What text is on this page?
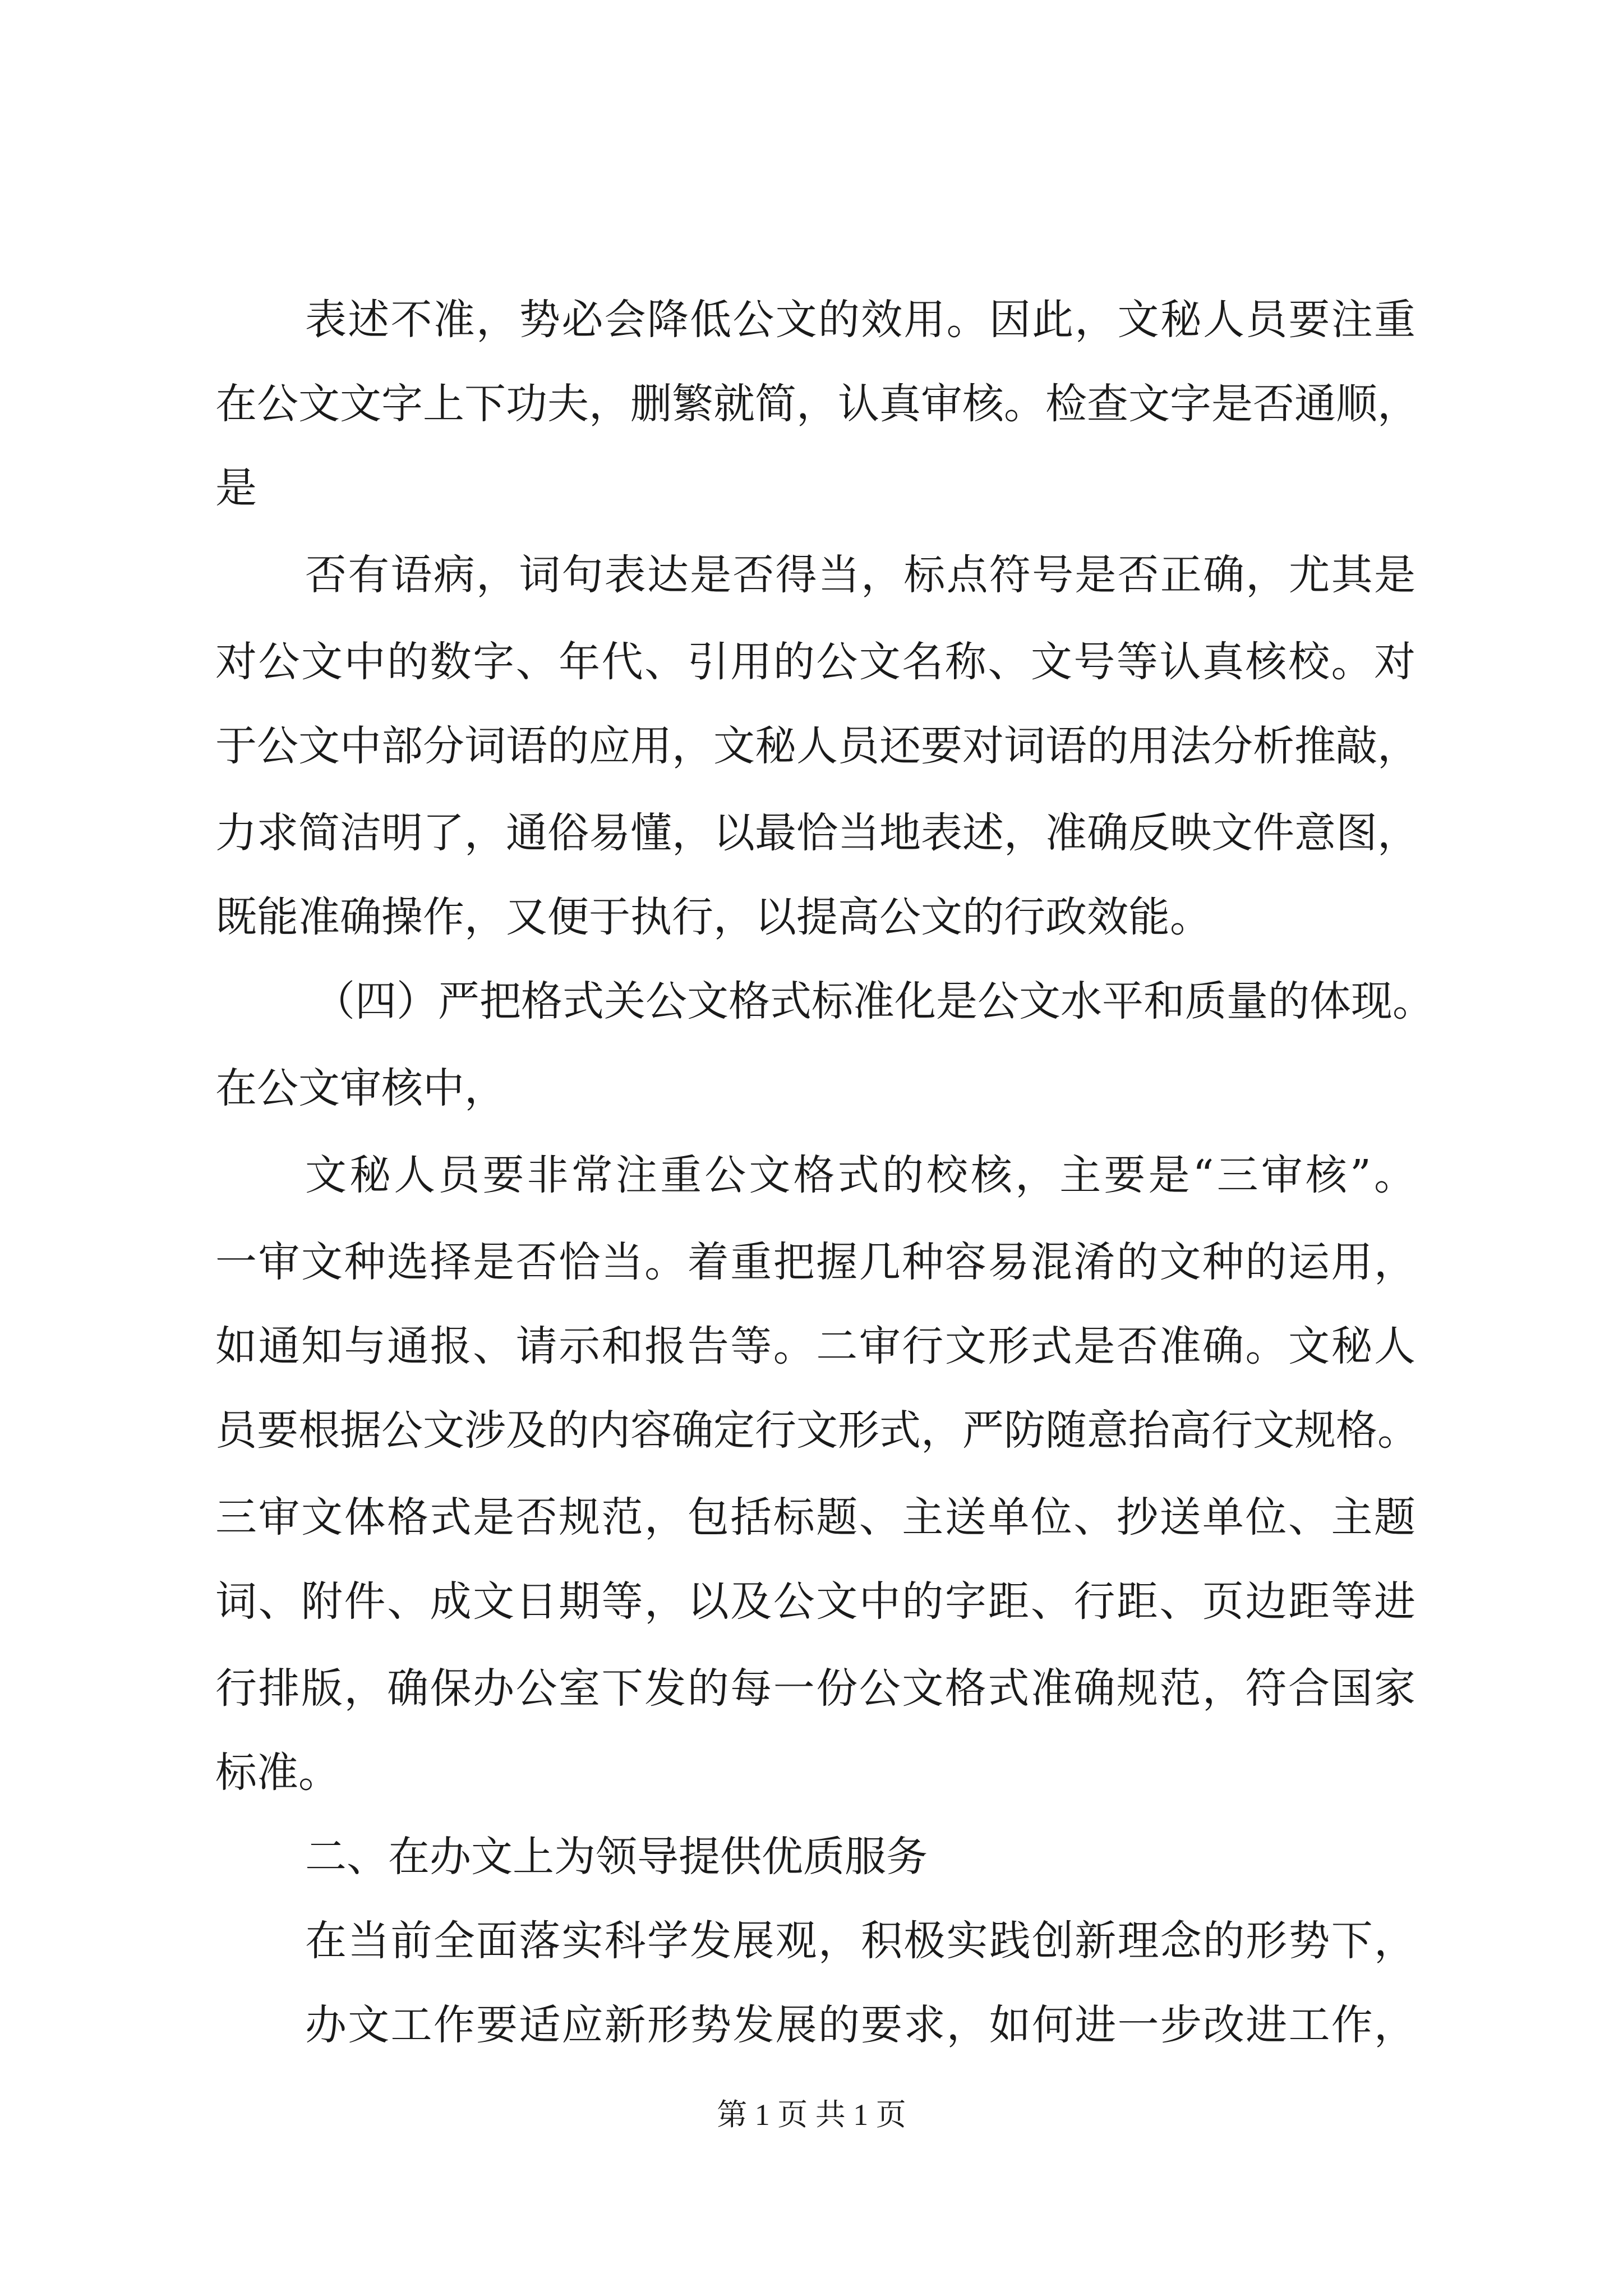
表述不准，势必会降低公文的效用。因此，文秘人员要注重
在公文文字上下功夫，删繁就简，认真审核。检查文字是否通顺，
是
否有语病，词句表达是否得当，标点符号是否正确，尤其是
对公文中的数字、年代、引用的公文名称、文号等认真核校。对
于公文中部分词语的应用，文秘人员还要对词语的用法分析推敲，
力求简洁明了，通俗易懂，以最恰当地表述，准确反映文件意图，
既能准确操作，又便于执行，以提高公文的行政效能。
（四）严把格式关公文格式标准化是公文水平和质量的体现。
在公文审核中，
文秘人员要非常注重公文格式的校核，主要是“三审核”。
一审文种选择是否恰当。着重把握几种容易混淆的文种的运用，
如通知与通报、请示和报告等。二审行文形式是否准确。文秘人
员要根据公文涉及的内容确定行文形式，严防随意抬高行文规格。
三审文体格式是否规范，包括标题、主送单位、抄送单位、主题
词、附件、成文日期等，以及公文中的字距、行距、页边距等进
行排版，确保办公室下发的每一份公文格式准确规范，符合国家
标准。
二、在办文上为领导提供优质服务
在当前全面落实科学发展观，积极实践创新理念的形势下，
办文工作要适应新形势发展的要求，如何进一步改进工作，
第 1 页 共 1 页
